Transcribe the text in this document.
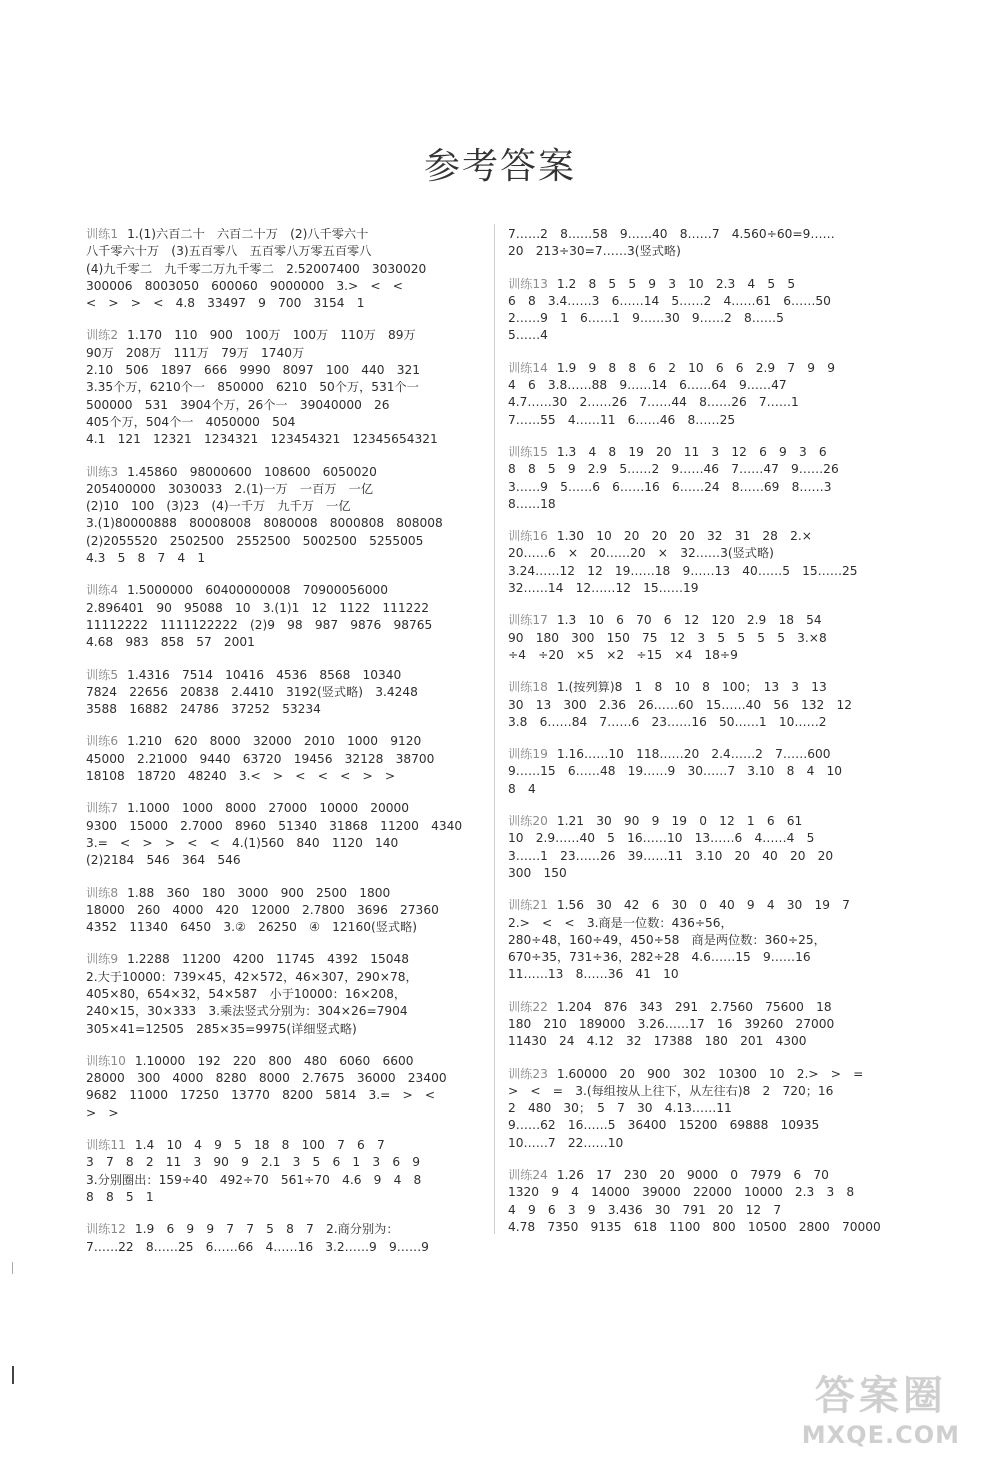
参考答案
训练1 1.(1)六百二十　六百二十万　(2)八千零六十
八千零六十万　(3)五百零八　五百零八万零五百零八
(4)九千零二　九千零二万九千零二　2.52007400　3030020
300006　8003050　600060　9000000　3.>　<　<
<　>　>　<　4.8　33497　9　700　3154　1
训练2 1.170　110　900　100万　100万　110万　89万
90万　208万　111万　79万　1740万
2.10　506　1897　666　9990　8097　100　440　321
3.35个万，6210个一　850000　6210　50个万，531个一
500000　531　3904个万，26个一　39040000　26
405个万，504个一　4050000　504
4.1　121　12321　1234321　123454321　12345654321
训练3 1.45860　98000600　108600　6050020
205400000　3030033　2.(1)一万　一百万　一亿
(2)10　100　(3)23　(4)一千万　九千万　一亿
3.(1)80000888　80008008　8080008　8000808　808008
(2)2055520　2502500　2552500　5002500　5255005
4.3　5　8　7　4　1
训练4 1.5000000　60400000008　70900056000
2.896401　90　95088　10　3.(1)1　12　1122　111222
11112222　1111122222　(2)9　98　987　9876　98765
4.68　983　858　57　2001
训练5 1.4316　7514　10416　4536　8568　10340
7824　22656　20838　2.4410　3192(竖式略)　3.4248
3588　16882　24786　37252　53234
训练6 1.210　620　8000　32000　2010　1000　9120
45000　2.21000　9440　63720　19456　32128　38700
18108　18720　48240　3.<　>　<　<　<　>　>
训练7 1.1000　1000　8000　27000　10000　20000
9300　15000　2.7000　8960　51340　31868　11200　4340
3.=　<　>　>　<　<　4.(1)560　840　1120　140
(2)2184　546　364　546
训练8 1.88　360　180　3000　900　2500　1800
18000　260　4000　420　12000　2.7800　3696　27360
4352　11340　6450　3.②　26250　④　12160(竖式略)
训练9 1.2288　11200　4200　11745　4392　15048
2.大于10000：739×45，42×572，46×307，290×78，
405×80，654×32，54×587　小于10000：16×208，
240×15，30×333　3.乘法竖式分别为：304×26=7904
305×41=12505　285×35=9975(详细竖式略)
训练10 1.10000　192　220　800　480　6060　6600
28000　300　4000　8280　8000　2.7675　36000　23400
9682　11000　17250　13770　8200　5814　3.=　>　<
>　>
训练11 1.4　10　4　9　5　18　8　100　7　6　7
3　7　8　2　11　3　90　9　2.1　3　5　6　1　3　6　9
3.分别圈出：159÷40　492÷70　561÷70　4.6　9　4　8
8　8　5　1
训练12 1.9　6　9　9　7　7　5　8　7　2.商分别为：
7……22　8……25　6……66　4……16　3.2……9　9……9
7……2　8……58　9……40　8……7　4.560÷60=9……
20　213÷30=7……3(竖式略)
训练13 1.2　8　5　5　9　3　10　2.3　4　5　5
6　8　3.4……3　6……14　5……2　4……61　6……50
2……9　1　6……1　9……30　9……2　8……5
5……4
训练14 1.9　9　8　8　6　2　10　6　6　2.9　7　9　9
4　6　3.8……88　9……14　6……64　9……47
4.7……30　2……26　7……44　8……26　7……1
7……55　4……11　6……46　8……25
训练15 1.3　4　8　19　20　11　3　12　6　9　3　6
8　8　5　9　2.9　5……2　9……46　7……47　9……26
3……9　5……6　6……16　6……24　8……69　8……3
8……18
训练16 1.30　10　20　20　20　32　31　28　2.×
20……6　×　20……20　×　32……3(竖式略)
3.24……12　12　19……18　9……13　40……5　15……25
32……14　12……12　15……19
训练17 1.3　10　6　70　6　12　120　2.9　18　54
90　180　300　150　75　12　3　5　5　5　5　3.×8
÷4　÷20　×5　×2　÷15　×4　18÷9
训练18 1.(按列算)8　1　8　10　8　100；　13　3　13
30　13　300　2.36　26……60　15……40　56　132　12
3.8　6……84　7……6　23……16　50……1　10……2
训练19 1.16……10　118……20　2.4……2　7……600
9……15　6……48　19……9　30……7　3.10　8　4　10
8　4
训练20 1.21　30　90　9　19　0　12　1　6　61
10　2.9……40　5　16……10　13……6　4……4　5
3……1　23……26　39……11　3.10　20　40　20　20
300　150
训练21 1.56　30　42　6　30　0　40　9　4　30　19　7
2.>　<　<　3.商是一位数：436÷56，
280÷48，160÷49，450÷58　商是两位数：360÷25，
670÷35，731÷36，282÷28　4.6……15　9……16
11……13　8……36　41　10
训练22 1.204　876　343　291　2.7560　75600　18
180　210　189000　3.26……17　16　39260　27000
11430　24　4.12　32　17388　180　201　4300
训练23 1.60000　20　900　302　10300　10　2.>　>　=
>　<　=　3.(每组按从上往下，从左往右)8　2　720；16
2　480　30；　5　7　30　4.13……11
9……62　16……5　36400　15200　69888　10935
10……7　22……10
训练24 1.26　17　230　20　9000　0　7979　6　70
1320　9　4　14000　39000　22000　10000　2.3　3　8
4　9　6　3　9　3.436　30　791　20　12　7
4.78　7350　9135　618　1100　800　10500　2800　70000
答案圈
MXQE.COM
